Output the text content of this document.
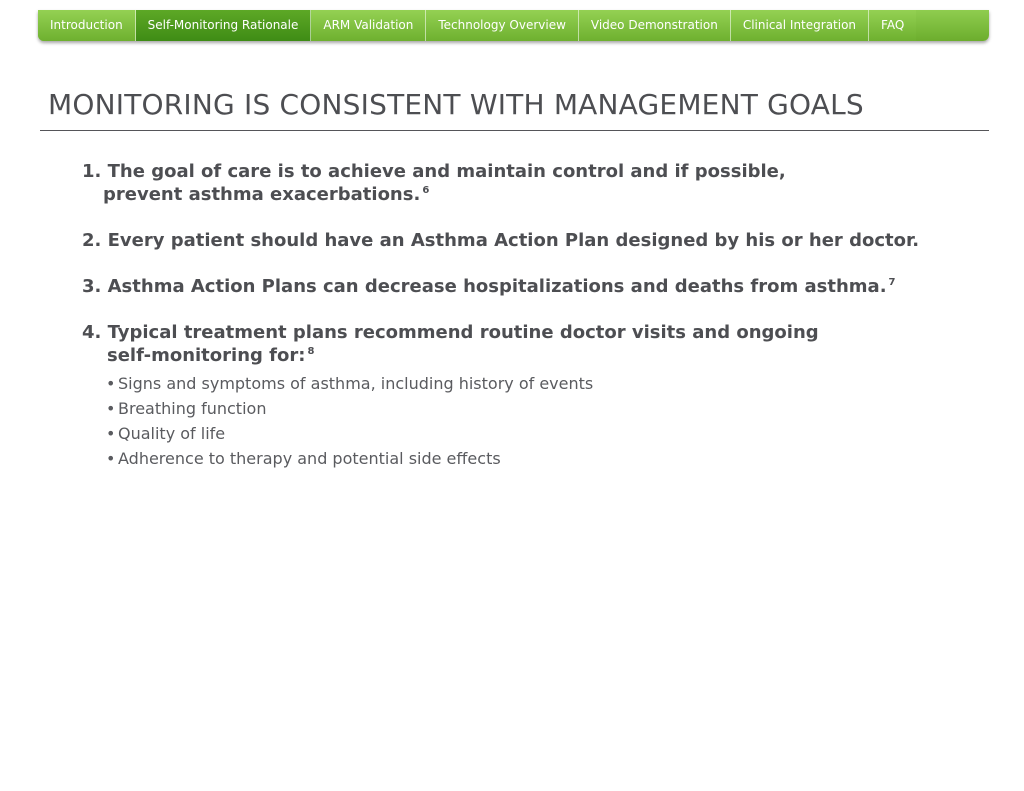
Introduction Self-Monitoring Rationale ARM Validation Technology Overview Video Demonstration Clinical Integration FAQ
MONITORING IS CONSISTENT WITH MANAGEMENT GOALS

1. The goal of care is to achieve and maintain control and if possible,
prevent asthma exacerbations. $^6$

2. Every patient should have an Asthma Action Plan designed by his or her doctor.

3. Asthma Action Plans can decrease hospitalizations and deaths from asthma. $^7$

4. Typical treatment plans recommend routine doctor visits and ongoing
self-monitoring for: $^8$

• Signs and symptoms of asthma, including history of events
• Breathing function
• Quality of life
• Adherence to therapy and potential side effects
